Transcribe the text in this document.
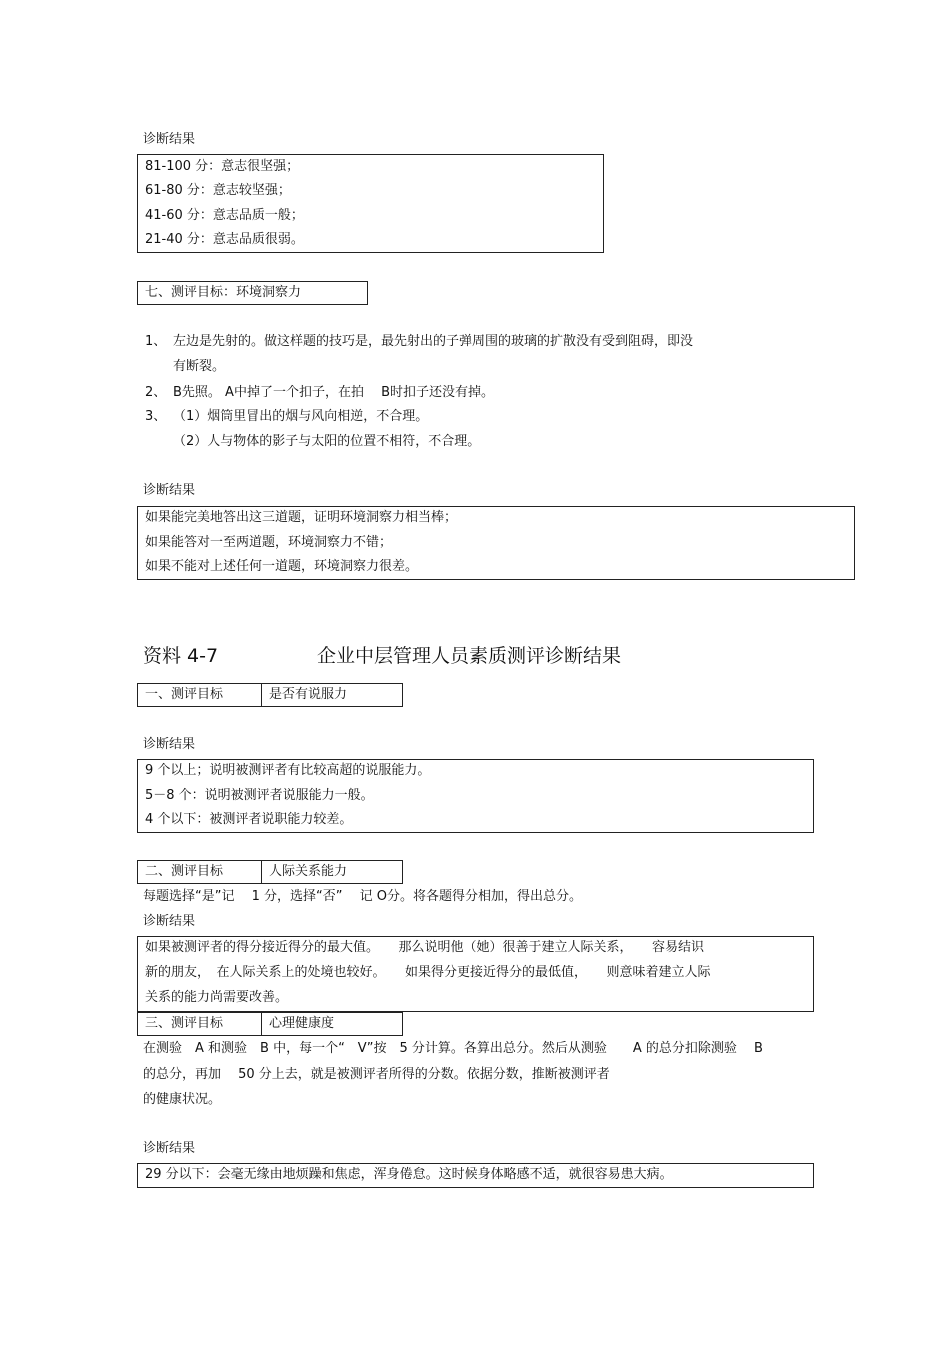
诊断结果
81-100 分：意志很坚强；
61-80 分：意志较坚强；
41-60 分：意志品质一般；
21-40 分：意志品质很弱。
七、测评目标：环境洞察力
1、 左边是先射的。做这样题的技巧是，最先射出的子弹周围的玻璃的扩散没有受到阻碍，即没
有断裂。
2、 B先照。 A中掉了一个扣子，在拍　 B时扣子还没有掉。
3、 （1）烟筒里冒出的烟与风向相逆，不合理。
（2）人与物体的影子与太阳的位置不相符，不合理。
诊断结果
如果能完美地答出这三道题，证明环境洞察力相当棒；
如果能答对一至两道题，环境洞察力不错；
如果不能对上述任何一道题，环境洞察力很差。
资料 4-7	企业中层管理人员素质测评诊断结果
一、测评目标	是否有说服力
诊断结果
9 个以上；说明被测评者有比较高超的说服能力。
5－8 个：说明被测评者说服能力一般。
4 个以下：被测评者说职能力较差。
二、测评目标	人际关系能力
每题选择“是”记　 1 分，选择“否”　 记 O分。将各题得分相加，得出总分。
诊断结果
如果被测评者的得分接近得分的最大值。　　那么说明他（她）很善于建立人际关系，　　容易结识
新的朋友，　在人际关系上的处境也较好。　　如果得分更接近得分的最低值，　　则意味着建立人际
关系的能力尚需要改善。
三、测评目标	心理健康度
在测验　A 和测验　B 中，每一个“　V”按　5 分计算。各算出总分。然后从测验　　A 的总分扣除测验　 B
的总分，再加　 50 分上去，就是被测评者所得的分数。依据分数，推断被测评者
的健康状况。
诊断结果
29 分以下：会毫无缘由地烦躁和焦虑，浑身倦怠。这时候身体略感不适，就很容易患大病。
